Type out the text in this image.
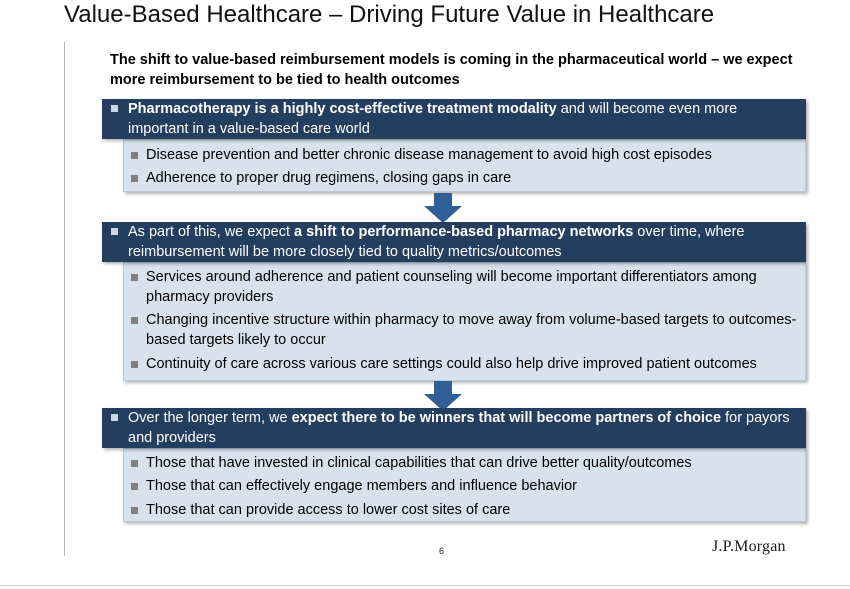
Value-Based Healthcare – Driving Future Value in Healthcare
The shift to value-based reimbursement models is coming in the pharmaceutical world – we expect more reimbursement to be tied to health outcomes
Pharmacotherapy is a highly cost-effective treatment modality and will become even more important in a value-based care world
Disease prevention and better chronic disease management to avoid high cost episodes
Adherence to proper drug regimens, closing gaps in care
As part of this, we expect a shift to performance-based pharmacy networks over time, where reimbursement will be more closely tied to quality metrics/outcomes
Services around adherence and patient counseling will become important differentiators among pharmacy providers
Changing incentive structure within pharmacy to move away from volume-based targets to outcomes-based targets likely to occur
Continuity of care across various care settings could also help drive improved patient outcomes
Over the longer term, we expect there to be winners that will become partners of choice for payors and providers
Those that have invested in clinical capabilities that can drive better quality/outcomes
Those that can effectively engage members and influence behavior
Those that can provide access to lower cost sites of care
6	J.P.Morgan
